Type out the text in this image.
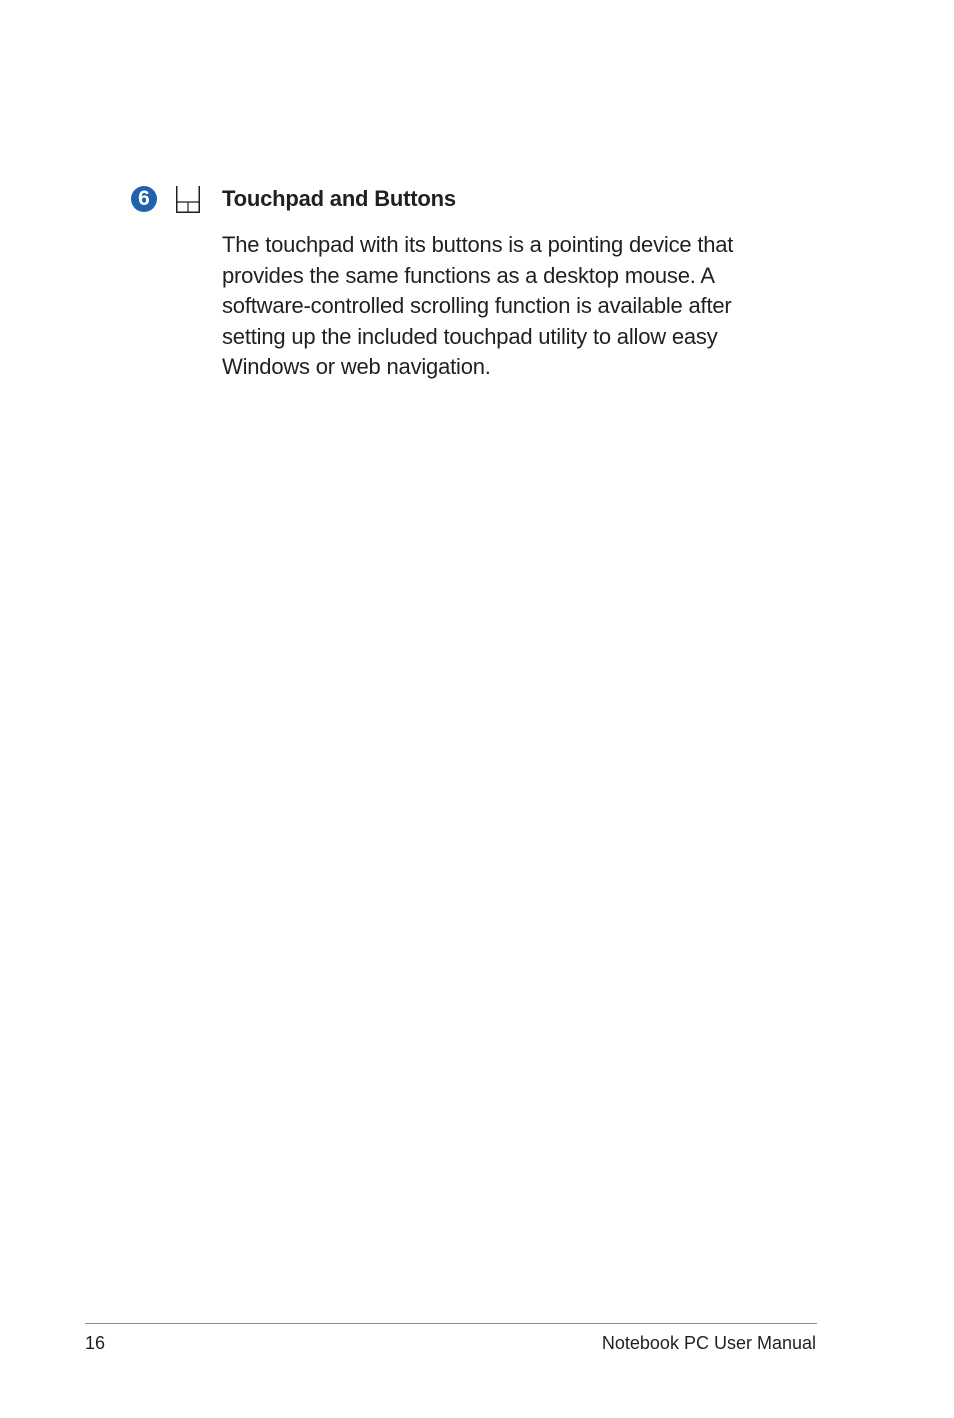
6	Touchpad and Buttons

The touchpad with its buttons is a pointing device that provides the same functions as a desktop mouse. A software-controlled scrolling function is available after setting up the included touchpad utility to allow easy Windows or web navigation.

16	Notebook PC User Manual
